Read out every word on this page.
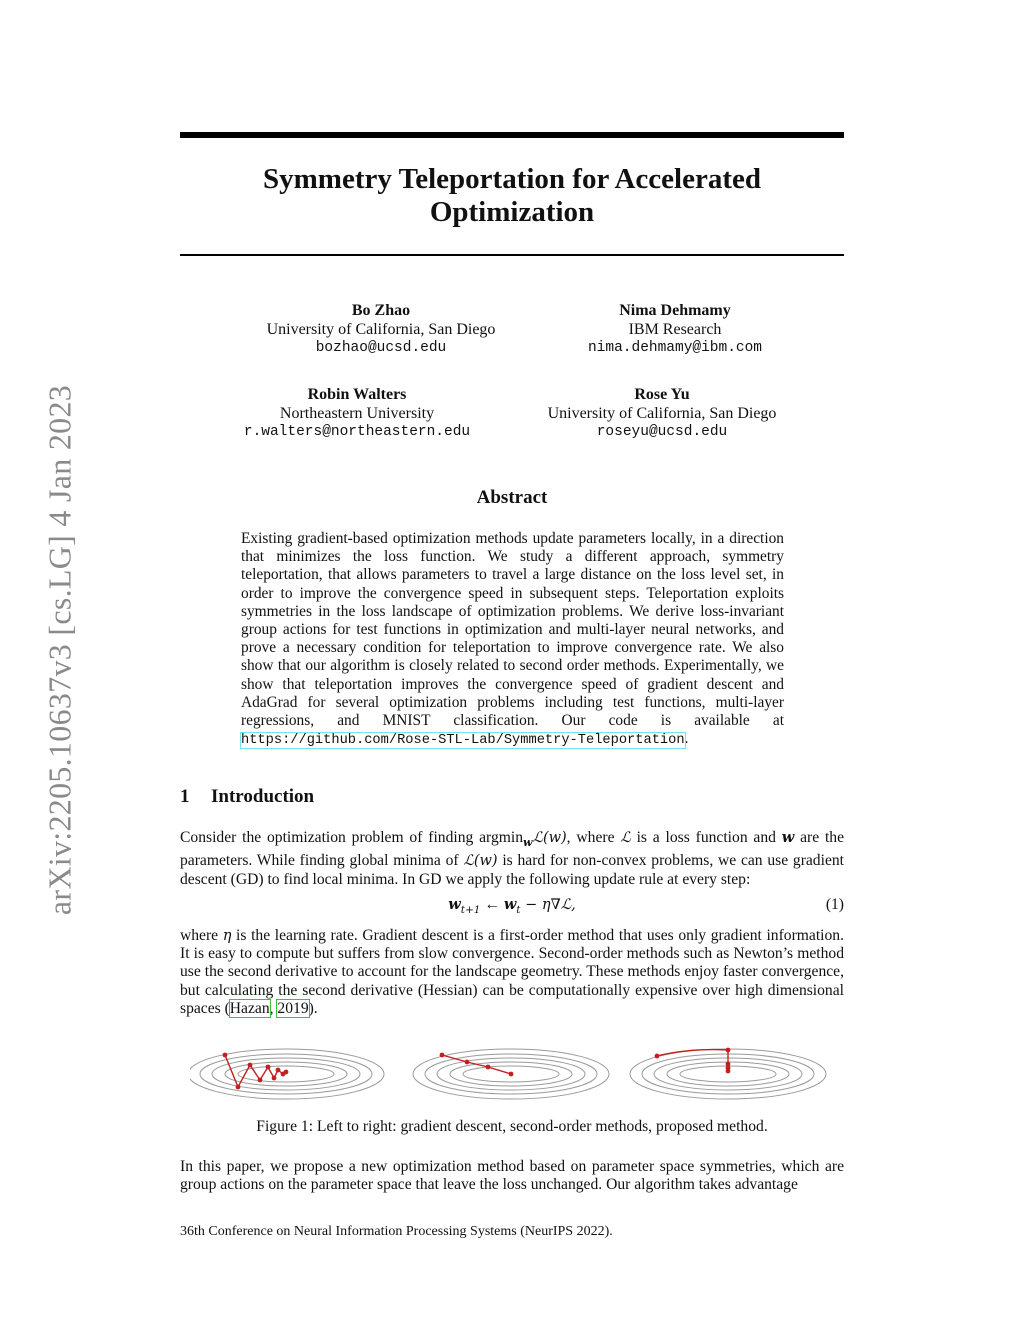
arXiv:2205.10637v3 [cs.LG] 4 Jan 2023
Symmetry Teleportation for Accelerated
Optimization
Bo Zhao
University of California, San Diego
bozhao@ucsd.edu
Nima Dehmamy
IBM Research
nima.dehmamy@ibm.com
Robin Walters
Northeastern University
r.walters@northeastern.edu
Rose Yu
University of California, San Diego
roseyu@ucsd.edu
Abstract
Existing gradient-based optimization methods update parameters locally, in a direction that minimizes the loss function. We study a different approach, symmetry teleportation, that allows parameters to travel a large distance on the loss level set, in order to improve the convergence speed in subsequent steps. Teleportation exploits symmetries in the loss landscape of optimization problems. We derive loss-invariant group actions for test functions in optimization and multi-layer neural networks, and prove a necessary condition for teleportation to improve convergence rate. We also show that our algorithm is closely related to second order methods. Experimentally, we show that teleportation improves the convergence speed of gradient descent and AdaGrad for several optimization problems including test functions, multi-layer regressions, and MNIST classification. Our code is available at https://github.com/Rose-STL-Lab/Symmetry-Teleportation.
1 Introduction
Consider the optimization problem of finding argmin$_w$ℒ(w), where ℒ is a loss function and w are the parameters. While finding global minima of ℒ(w) is hard for non-convex problems, we can use gradient descent (GD) to find local minima. In GD we apply the following update rule at every step:
$w_{t+1}$ ← $w_t$ − η∇ℒ,	(1)
where η is the learning rate. Gradient descent is a first-order method that uses only gradient information. It is easy to compute but suffers from slow convergence. Second-order methods such as Newton’s method use the second derivative to account for the landscape geometry. These methods enjoy faster convergence, but calculating the second derivative (Hessian) can be computationally expensive over high dimensional spaces (Hazan, 2019).
Figure 1: Left to right: gradient descent, second-order methods, proposed method.
In this paper, we propose a new optimization method based on parameter space symmetries, which are group actions on the parameter space that leave the loss unchanged. Our algorithm takes advantage
36th Conference on Neural Information Processing Systems (NeurIPS 2022).
